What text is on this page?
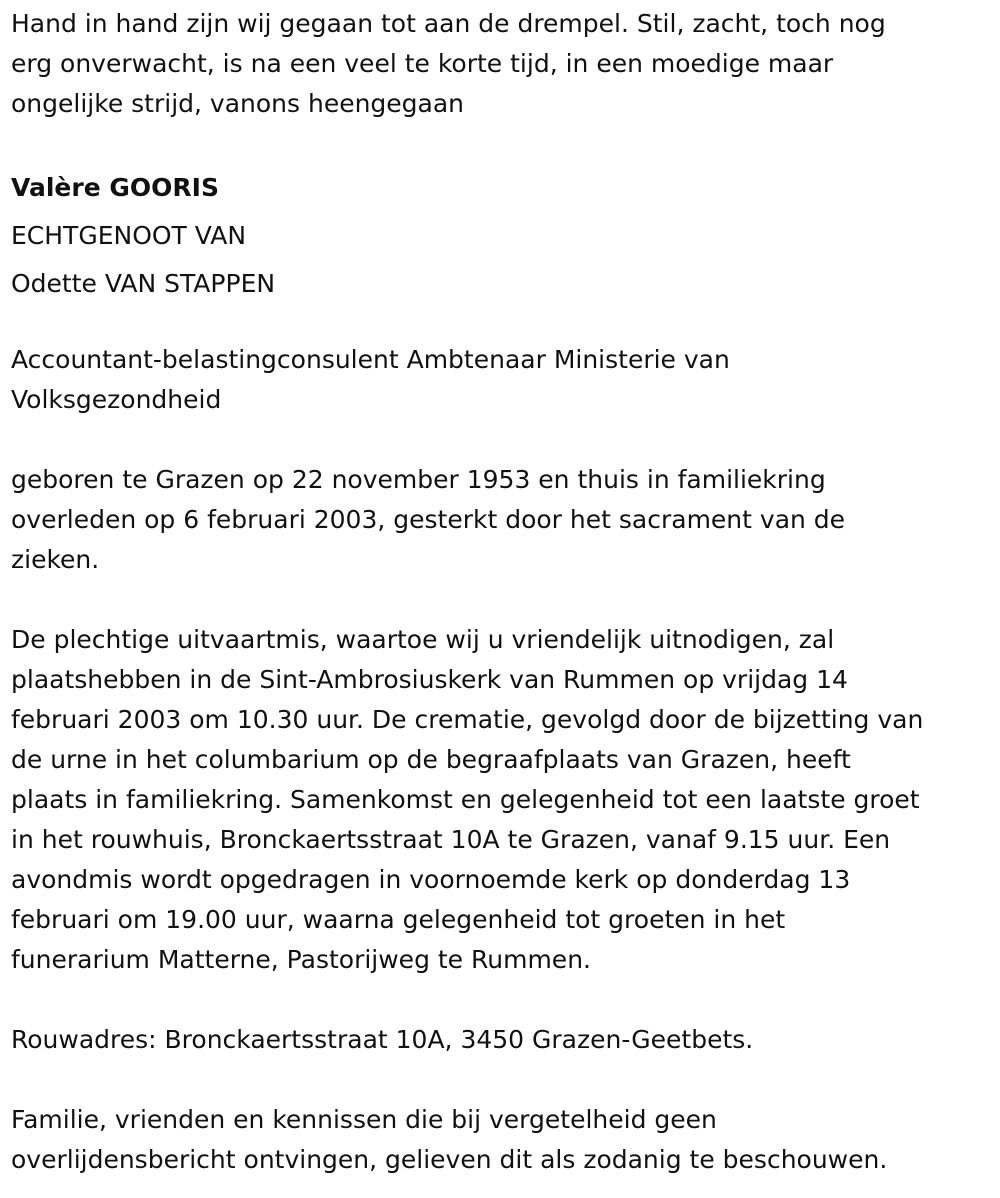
Hand in hand zijn wij gegaan tot aan de drempel. Stil, zacht, toch nog
erg onverwacht, is na een veel te korte tijd, in een moedige maar
ongelijke strijd, vanons heengegaan
Valère GOORIS
ECHTGENOOT VAN
Odette VAN STAPPEN
Accountant-belastingconsulent Ambtenaar Ministerie van
Volksgezondheid
geboren te Grazen op 22 november 1953 en thuis in familiekring
overleden op 6 februari 2003, gesterkt door het sacrament van de
zieken.
De plechtige uitvaartmis, waartoe wij u vriendelijk uitnodigen, zal
plaatshebben in de Sint-Ambrosiuskerk van Rummen op vrijdag 14
februari 2003 om 10.30 uur. De crematie, gevolgd door de bijzetting van
de urne in het columbarium op de begraafplaats van Grazen, heeft
plaats in familiekring. Samenkomst en gelegenheid tot een laatste groet
in het rouwhuis, Bronckaertsstraat 10A te Grazen, vanaf 9.15 uur. Een
avondmis wordt opgedragen in voornoemde kerk op donderdag 13
februari om 19.00 uur, waarna gelegenheid tot groeten in het
funerarium Matterne, Pastorijweg te Rummen.
Rouwadres: Bronckaertsstraat 10A, 3450 Grazen-Geetbets.
Familie, vrienden en kennissen die bij vergetelheid geen
overlijdensbericht ontvingen, gelieven dit als zodanig te beschouwen.
